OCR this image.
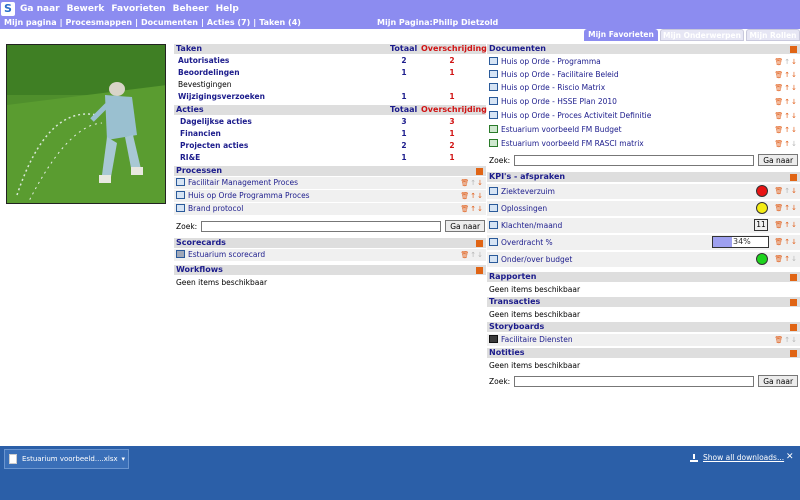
S Ga naar Bewerk Favorieten Beheer Help
Mijn pagina | Procesmappen | Documenten | Acties (7) | Taken (4)	Mijn Pagina:Philip Dietzold
Mijn Favorieten	Mijn Onderwerpen	Mijn Rollen
Taken	Totaal Overschrijding
Autorisaties	2	2
Beoordelingen	1	1
Bevestigingen
Wijzigingsverzoeken	1	1
Acties	Totaal Overschrijding
Dagelijkse acties	3	3
Financien	1	1
Projecten acties	2	2
RI&E	1	1
Processen
Facilitair Management Proces	🗑↑↓
Huis op Orde Programma Proces	🗑↑↓
Brand protocol	🗑↑↓
Zoek:	Ga naar
Scorecards
Estuarium scorecard	🗑↑↓
Workflows
Geen items beschikbaar
Documenten
Huis op Orde - Programma	🗑↑↓
Huis op Orde - Facilitaire Beleid	🗑↑↓
Huis op Orde - Riscio Matrix	🗑↑↓
Huis op Orde - HSSE Plan 2010	🗑↑↓
Huis op Orde - Proces Activiteit Definitie	🗑↑↓
Estuarium voorbeeld FM Budget	🗑↑↓
Estuarium voorbeeld FM RASCI matrix	🗑↑↓
Zoek:	Ga naar
KPI's - afspraken
Ziekteverzuim	🗑↑↓
Oplossingen	🗑↑↓
Klachten/maand	11	🗑↑↓
Overdracht %	34%	🗑↑↓
Onder/over budget	🗑↑↓
Rapporten
Geen items beschikbaar
Transacties
Geen items beschikbaar
Storyboards
Facilitaire Diensten	🗑↑↓
Notities
Geen items beschikbaar
Zoek:	Ga naar
Estuarium voorbeeld....xlsx ▾	Show all downloads... ✕
